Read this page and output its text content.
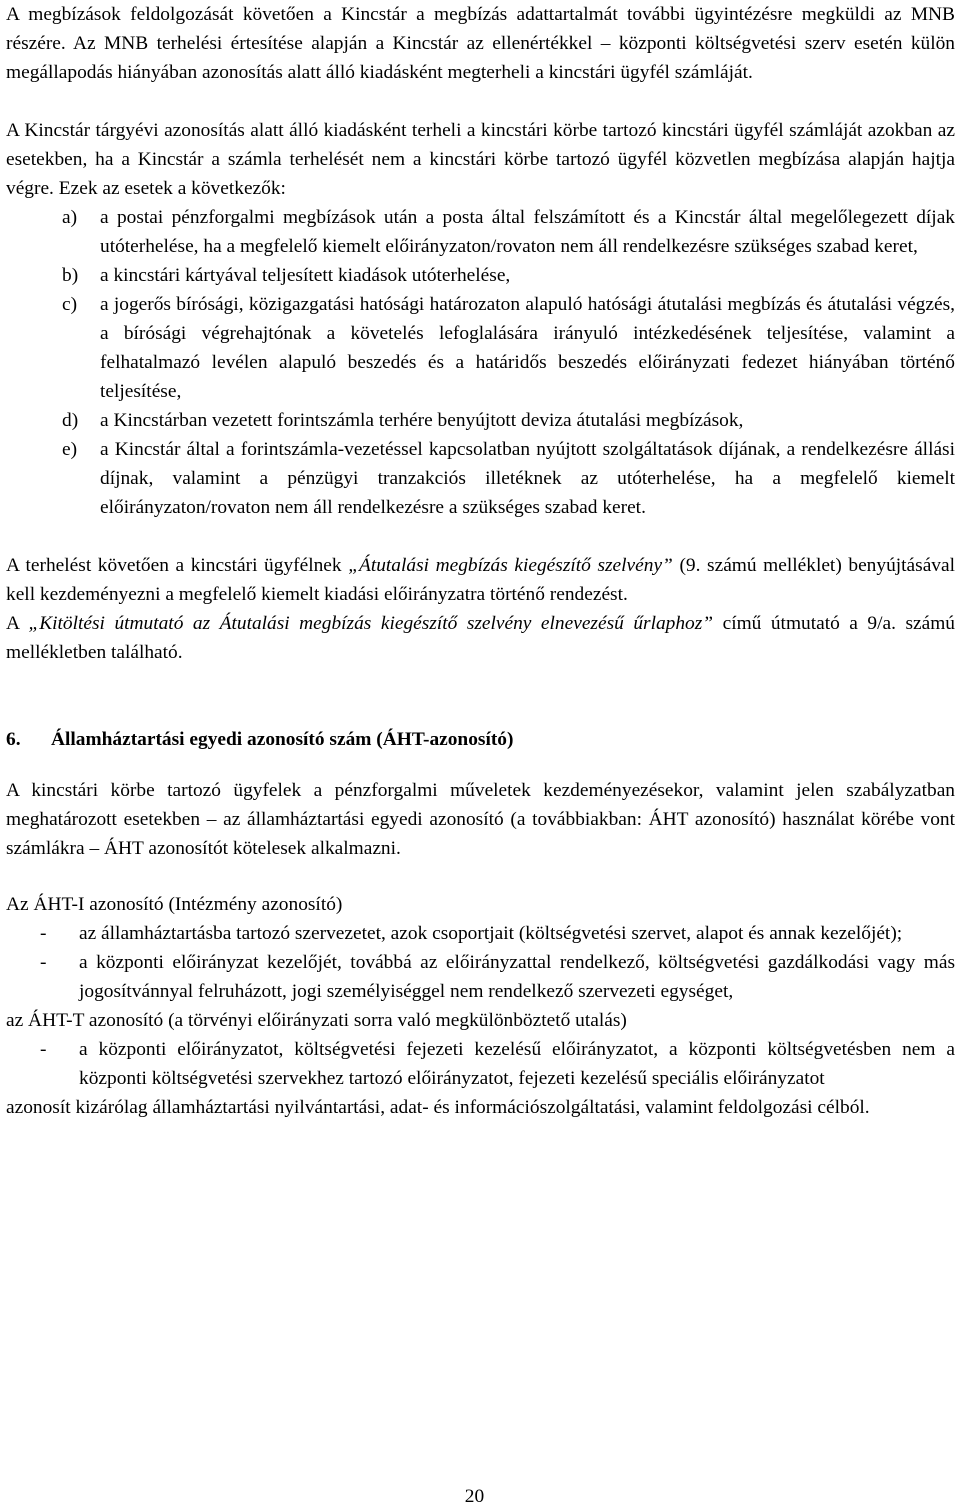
A megbízások feldolgozását követően a Kincstár a megbízás adattartalmát további ügyintézésre megküldi az MNB részére. Az MNB terhelési értesítése alapján a Kincstár az ellenértékkel – központi költségvetési szerv esetén külön megállapodás hiányában azonosítás alatt álló kiadásként megterheli a kincstári ügyfél számláját.

A Kincstár tárgyévi azonosítás alatt álló kiadásként terheli a kincstári körbe tartozó kincstári ügyfél számláját azokban az esetekben, ha a Kincstár a számla terhelését nem a kincstári körbe tartozó ügyfél közvetlen megbízása alapján hajtja végre. Ezek az esetek a következők:

a)	a postai pénzforgalmi megbízások után a posta által felszámított és a Kincstár által megelőlegezett díjak utóterhelése, ha a megfelelő kiemelt előirányzaton/rovaton nem áll rendelkezésre szükséges szabad keret,
b)	a kincstári kártyával teljesített kiadások utóterhelése,
c)	a jogerős bírósági, közigazgatási hatósági határozaton alapuló hatósági átutalási megbízás és átutalási végzés, a bírósági végrehajtónak a követelés lefoglalására irányuló intézkedésének teljesítése, valamint a felhatalmazó levélen alapuló beszedés és a határidős beszedés előirányzati fedezet hiányában történő teljesítése,
d)	a Kincstárban vezetett forintszámla terhére benyújtott deviza átutalási megbízások,
e)	a Kincstár által a forintszámla-vezetéssel kapcsolatban nyújtott szolgáltatások díjának, a rendelkezésre állási díjnak, valamint a pénzügyi tranzakciós illetéknek az utóterhelése, ha a megfelelő kiemelt előirányzaton/rovaton nem áll rendelkezésre a szükséges szabad keret.

A terhelést követően a kincstári ügyfélnek „Átutalási megbízás kiegészítő szelvény” (9. számú melléklet) benyújtásával kell kezdeményezni a megfelelő kiemelt kiadási előirányzatra történő rendezést.

A „Kitöltési útmutató az Átutalási megbízás kiegészítő szelvény elnevezésű űrlaphoz” című útmutató a 9/a. számú mellékletben található.

6.	Államháztartási egyedi azonosító szám (ÁHT-azonosító)

A kincstári körbe tartozó ügyfelek a pénzforgalmi műveletek kezdeményezésekor, valamint jelen szabályzatban meghatározott esetekben – az államháztartási egyedi azonosító (a továbbiakban: ÁHT azonosító) használat körébe vont számlákra – ÁHT azonosítót kötelesek alkalmazni.

Az ÁHT-I azonosító (Intézmény azonosító)

-	az államháztartásba tartozó szervezetet, azok csoportjait (költségvetési szervet, alapot és annak kezelőjét);
-	a központi előirányzat kezelőjét, továbbá az előirányzattal rendelkező, költségvetési gazdálkodási vagy más jogosítvánnyal felruházott, jogi személyiséggel nem rendelkező szervezeti egységet,

az ÁHT-T azonosító (a törvényi előirányzati sorra való megkülönböztető utalás)

-	a központi előirányzatot, költségvetési fejezeti kezelésű előirányzatot, a központi költségvetésben nem a központi költségvetési szervekhez tartozó előirányzatot, fejezeti kezelésű speciális előirányzatot

azonosít kizárólag államháztartási nyilvántartási, adat- és információszolgáltatási, valamint feldolgozási célból.

20
